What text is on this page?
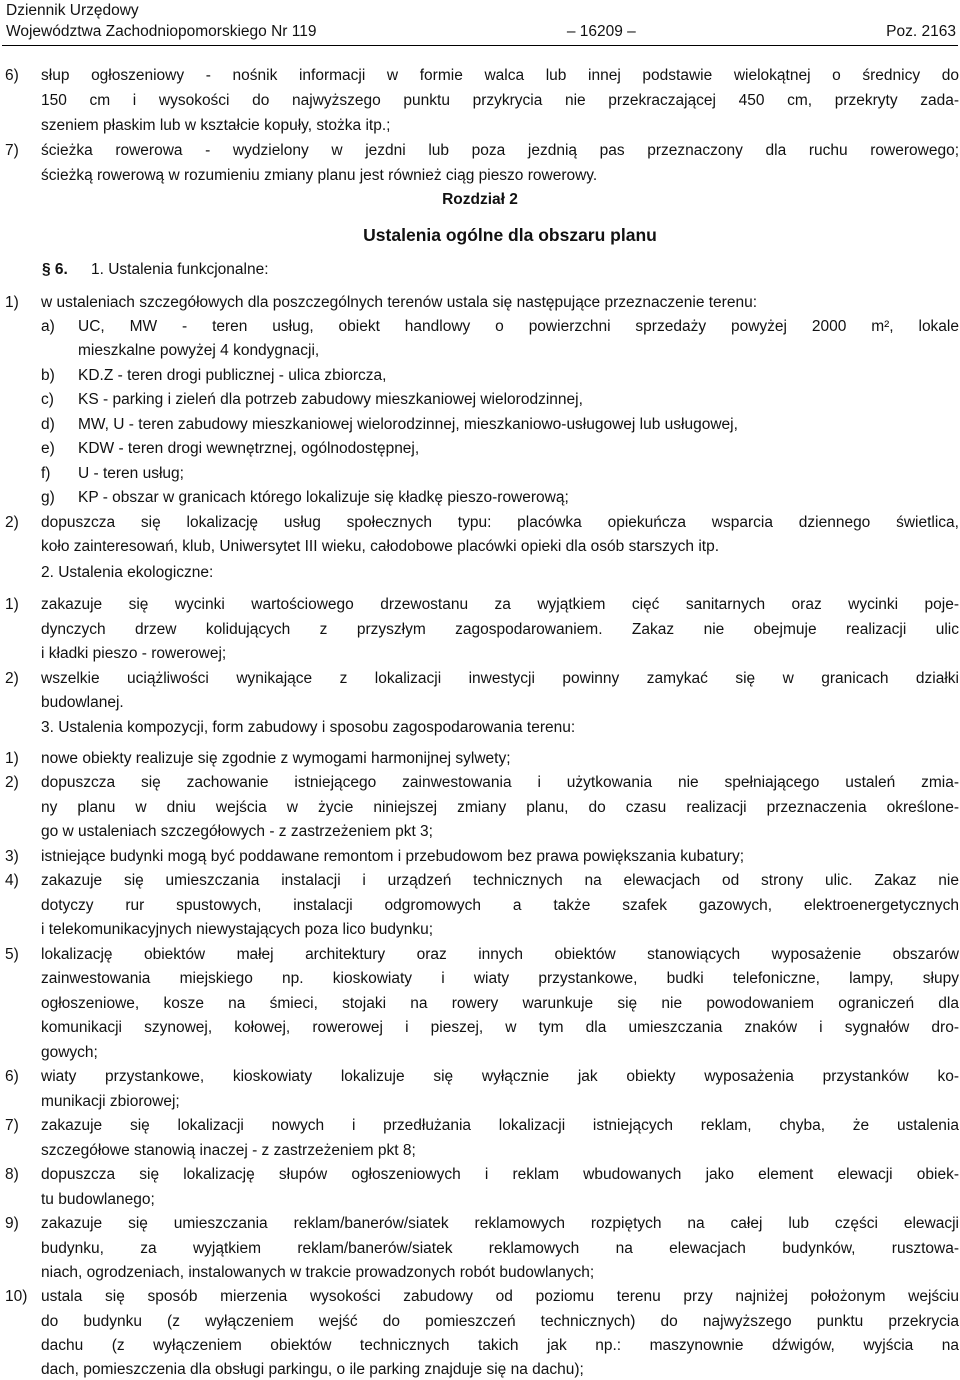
Dziennik Urzędowy
Województwa Zachodniopomorskiego Nr 119	– 16209 –	Poz. 2163
6) słup ogłoszeniowy - nośnik informacji w formie walca lub innej podstawie wielokątnej o średnicy do
150 cm i wysokości do najwyższego punktu przykrycia nie przekraczającej 450 cm, przekryty zada-
szeniem płaskim lub w kształcie kopuły, stożka itp.;
7) ścieżka rowerowa - wydzielony w jezdni lub poza jezdnią pas przeznaczony dla ruchu rowerowego;
ścieżką rowerową w rozumieniu zmiany planu jest również ciąg pieszo rowerowy.
Rozdział 2
Ustalenia ogólne dla obszaru planu
§ 6. 1. Ustalenia funkcjonalne:
1) w ustaleniach szczegółowych dla poszczególnych terenów ustala się następujące przeznaczenie terenu:
a) UC, MW - teren usług, obiekt handlowy o powierzchni sprzedaży powyżej 2000 m², lokale
mieszkalne powyżej 4 kondygnacji,
b) KD.Z - teren drogi publicznej - ulica zbiorcza,
c) KS - parking i zieleń dla potrzeb zabudowy mieszkaniowej wielorodzinnej,
d) MW, U - teren zabudowy mieszkaniowej wielorodzinnej, mieszkaniowo-usługowej lub usługowej,
e) KDW - teren drogi wewnętrznej, ogólnodostępnej,
f) U - teren usług;
g) KP - obszar w granicach którego lokalizuje się kładkę pieszo-rowerową;
2) dopuszcza się lokalizację usług społecznych typu: placówka opiekuńcza wsparcia dziennego świetlica,
koło zainteresowań, klub, Uniwersytet III wieku, całodobowe placówki opieki dla osób starszych itp.
2. Ustalenia ekologiczne:
1) zakazuje się wycinki wartościowego drzewostanu za wyjątkiem cięć sanitarnych oraz wycinki poje-
dynczych drzew kolidujących z przyszłym zagospodarowaniem. Zakaz nie obejmuje realizacji ulic
i kładki pieszo - rowerowej;
2) wszelkie uciążliwości wynikające z lokalizacji inwestycji powinny zamykać się w granicach działki
budowlanej.
3. Ustalenia kompozycji, form zabudowy i sposobu zagospodarowania terenu:
1) nowe obiekty realizuje się zgodnie z wymogami harmonijnej sylwety;
2) dopuszcza się zachowanie istniejącego zainwestowania i użytkowania nie spełniającego ustaleń zmia-
ny planu w dniu wejścia w życie niniejszej zmiany planu, do czasu realizacji przeznaczenia określone-
go w ustaleniach szczegółowych - z zastrzeżeniem pkt 3;
3) istniejące budynki mogą być poddawane remontom i przebudowom bez prawa powiększania kubatury;
4) zakazuje się umieszczania instalacji i urządzeń technicznych na elewacjach od strony ulic. Zakaz nie
dotyczy rur spustowych, instalacji odgromowych a także szafek gazowych, elektroenergetycznych
i telekomunikacyjnych niewystających poza lico budynku;
5) lokalizację obiektów małej architektury oraz innych obiektów stanowiących wyposażenie obszarów
zainwestowania miejskiego np. kioskowiaty i wiaty przystankowe, budki telefoniczne, lampy, słupy
ogłoszeniowe, kosze na śmieci, stojaki na rowery warunkuje się nie powodowaniem ograniczeń dla
komunikacji szynowej, kołowej, rowerowej i pieszej, w tym dla umieszczania znaków i sygnałów dro-
gowych;
6) wiaty przystankowe, kioskowiaty lokalizuje się wyłącznie jak obiekty wyposażenia przystanków ko-
munikacji zbiorowej;
7) zakazuje się lokalizacji nowych i przedłużania lokalizacji istniejących reklam, chyba, że ustalenia
szczegółowe stanowią inaczej - z zastrzeżeniem pkt 8;
8) dopuszcza się lokalizację słupów ogłoszeniowych i reklam wbudowanych jako element elewacji obiek-
tu budowlanego;
9) zakazuje się umieszczania reklam/banerów/siatek reklamowych rozpiętych na całej lub części elewacji
budynku, za wyjątkiem reklam/banerów/siatek reklamowych na elewacjach budynków, rusztowa-
niach, ogrodzeniach, instalowanych w trakcie prowadzonych robót budowlanych;
10) ustala się sposób mierzenia wysokości zabudowy od poziomu terenu przy najniżej położonym wejściu
do budynku (z wyłączeniem wejść do pomieszczeń technicznych) do najwyższego punktu przekrycia
dachu (z wyłączeniem obiektów technicznych takich jak np.: maszynownie dźwigów, wyjścia na
dach, pomieszczenia dla obsługi parkingu, o ile parking znajduje się na dachu);
